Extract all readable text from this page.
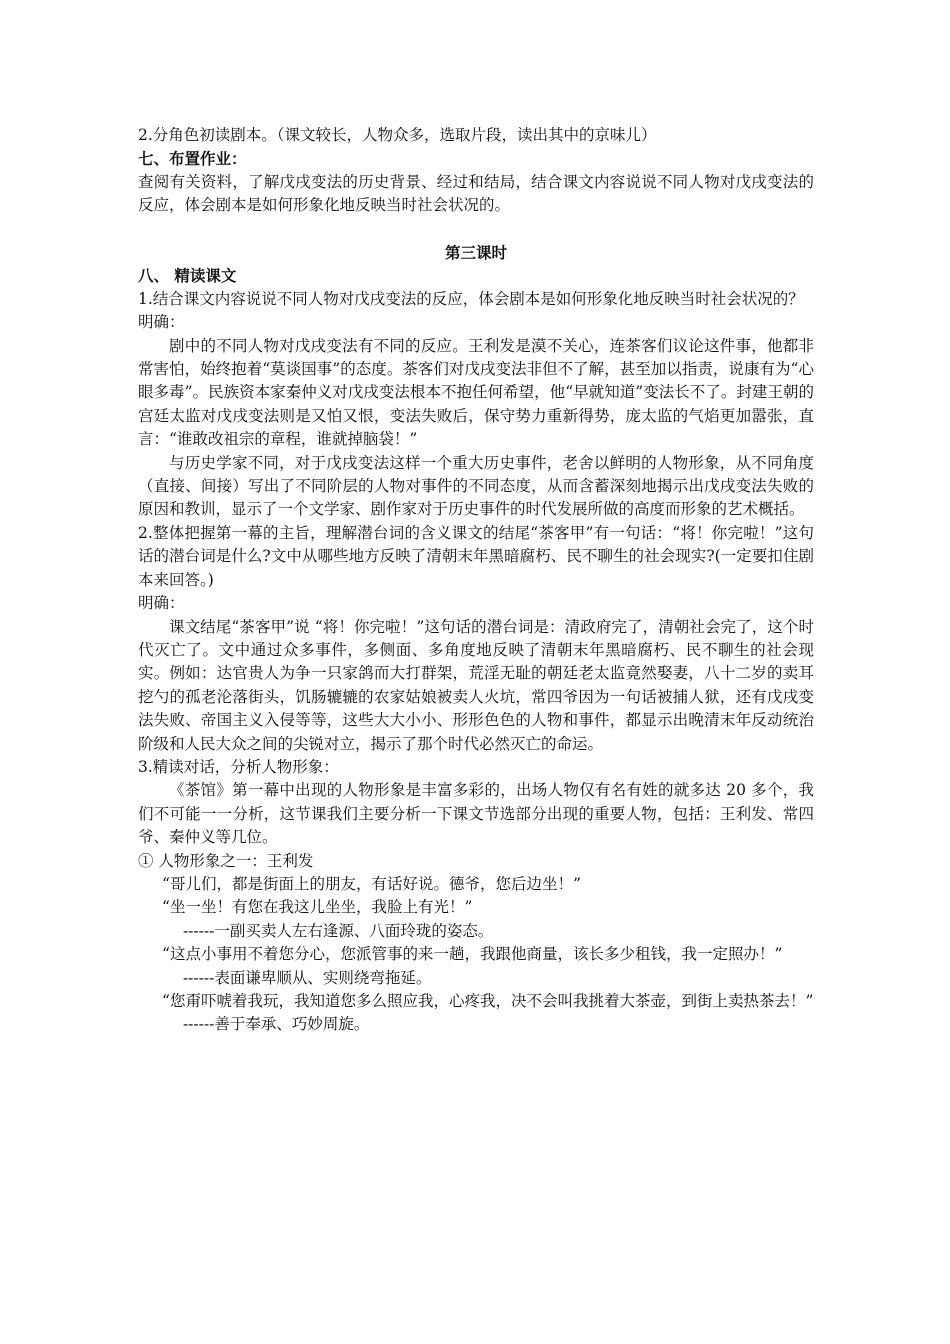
2.分角色初读剧本。（课文较长，人物众多，选取片段，读出其中的京味儿）

七、布置作业：

查阅有关资料，了解戊戌变法的历史背景、经过和结局，结合课文内容说说不同人物对戊戌变法的反应，体会剧本是如何形象化地反映当时社会状况的。

第三课时

八、 精读课文

1.结合课文内容说说不同人物对戊戌变法的反应，体会剧本是如何形象化地反映当时社会状况的？

明确：

剧中的不同人物对戊戌变法有不同的反应。王利发是漠不关心，连茶客们议论这件事，他都非常害怕，始终抱着“莫谈国事”的态度。茶客们对戊戌变法非但不了解，甚至加以指责，说康有为“心眼多毒”。民族资本家秦仲义对戊戌变法根本不抱任何希望，他“早就知道”变法长不了。封建王朝的宫廷太监对戊戌变法则是又怕又恨，变法失败后，保守势力重新得势，庞太监的气焰更加嚣张，直言：“谁敢改祖宗的章程，谁就掉脑袋！”

与历史学家不同，对于戊戌变法这样一个重大历史事件，老舍以鲜明的人物形象，从不同角度（直接、间接）写出了不同阶层的人物对事件的不同态度，从而含蓄深刻地揭示出戊戌变法失败的原因和教训，显示了一个文学家、剧作家对于历史事件的时代发展所做的高度而形象的艺术概括。

2.整体把握第一幕的主旨，理解潜台词的含义课文的结尾“茶客甲”有一句话：“将！你完啦！”这句话的潜台词是什么?文中从哪些地方反映了清朝末年黑暗腐朽、民不聊生的社会现实?(一定要扣住剧本来回答。)

明确：

课文结尾“茶客甲”说 “将！你完啦！”这句话的潜台词是：清政府完了，清朝社会完了，这个时代灭亡了。文中通过众多事件，多侧面、多角度地反映了清朝末年黑暗腐朽、民不聊生的社会现实。例如：达官贵人为争一只家鸽而大打群架，荒淫无耻的朝廷老太监竟然娶妻，八十二岁的卖耳挖勺的孤老沦落街头，饥肠辘辘的农家姑娘被卖人火坑，常四爷因为一句话被捕人狱，还有戊戌变法失败、帝国主义入侵等等，这些大大小小、形形色色的人物和事件，都显示出晚清末年反动统治阶级和人民大众之间的尖锐对立，揭示了那个时代必然灭亡的命运。

3.精读对话，分析人物形象：

《茶馆》第一幕中出现的人物形象是丰富多彩的，出场人物仅有名有姓的就多达 20 多个，我们不可能一一分析，这节课我们主要分析一下课文节选部分出现的重要人物，包括：王利发、常四爷、秦仲义等几位。

① 人物形象之一：王利发

“哥儿们，都是街面上的朋友，有话好说。德爷，您后边坐！”

“坐一坐！有您在我这儿坐坐，我脸上有光！”

------一副买卖人左右逢源、八面玲珑的姿态。

“这点小事用不着您分心，您派管事的来一趟，我跟他商量，该长多少租钱，我一定照办！”

------表面谦卑顺从、实则绕弯拖延。

“您甭吓唬着我玩，我知道您多么照应我，心疼我，决不会叫我挑着大茶壶，到街上卖热茶去！”

------善于奉承、巧妙周旋。
